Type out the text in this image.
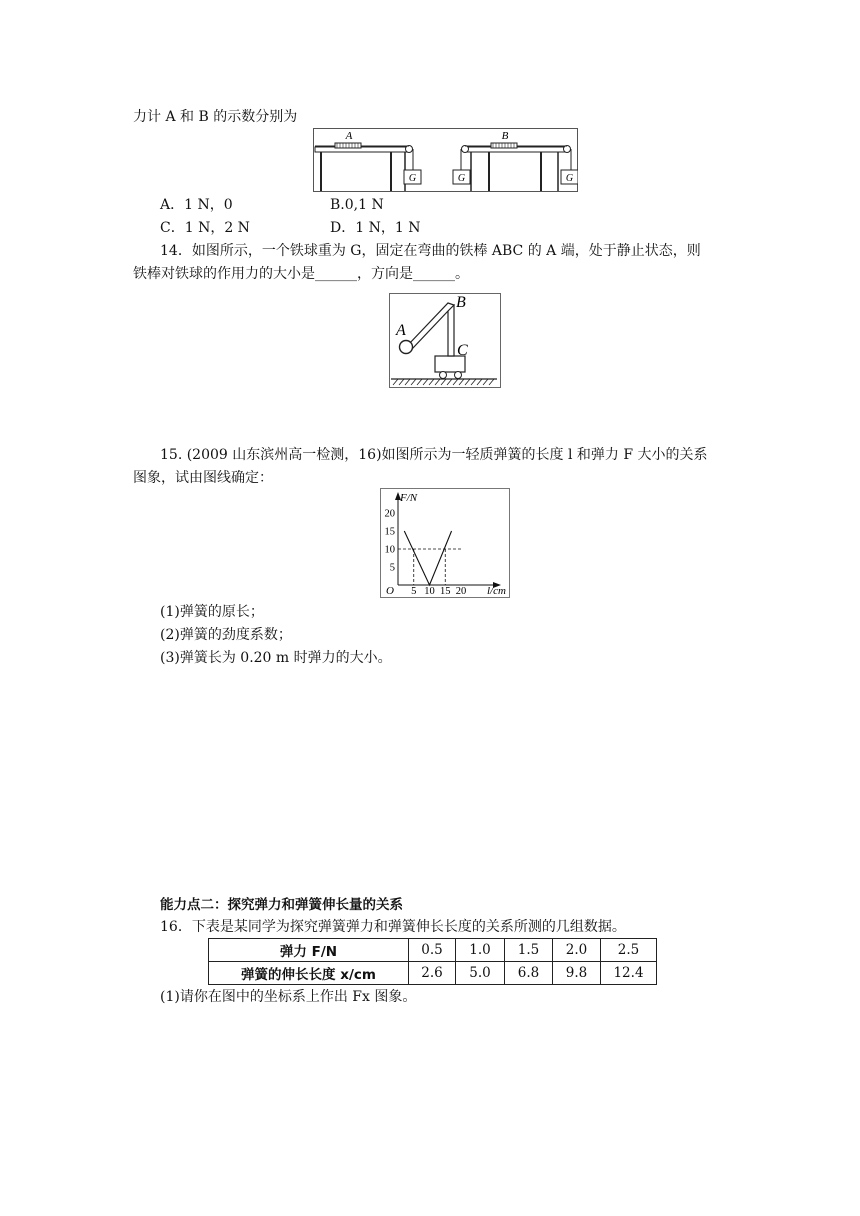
力计 A 和 B 的示数分别为
G
A	B
G	G
A．1 N，0	B.0,1 N
C．1 N，2 N	D．1 N，1 N
14．如图所示，一个铁球重为 G，固定在弯曲的铁棒 ABC 的 A 端，处于静止状态，则
铁棒对铁球的作用力的大小是______，方向是______。
A
B
C
15. (2009 山东滨州高一检测，16)如图所示为一轻质弹簧的长度 l 和弹力 F 大小的关系
图象，试由图线确定：
5 10 15 20
5
10
15
20
F/N
l/cm
O
(1)弹簧的原长；
(2)弹簧的劲度系数；
(3)弹簧长为 0.20 m 时弹力的大小。
能力点二：探究弹力和弹簧伸长量的关系
16．下表是某同学为探究弹簧弹力和弹簧伸长长度的关系所测的几组数据。
弹力 F/N	0.5	1.0	1.5	2.0	2.5
弹簧的伸长长度 x/cm	2.6	5.0	6.8	9.8	12.4
(1)请你在图中的坐标系上作出 Fx 图象。
